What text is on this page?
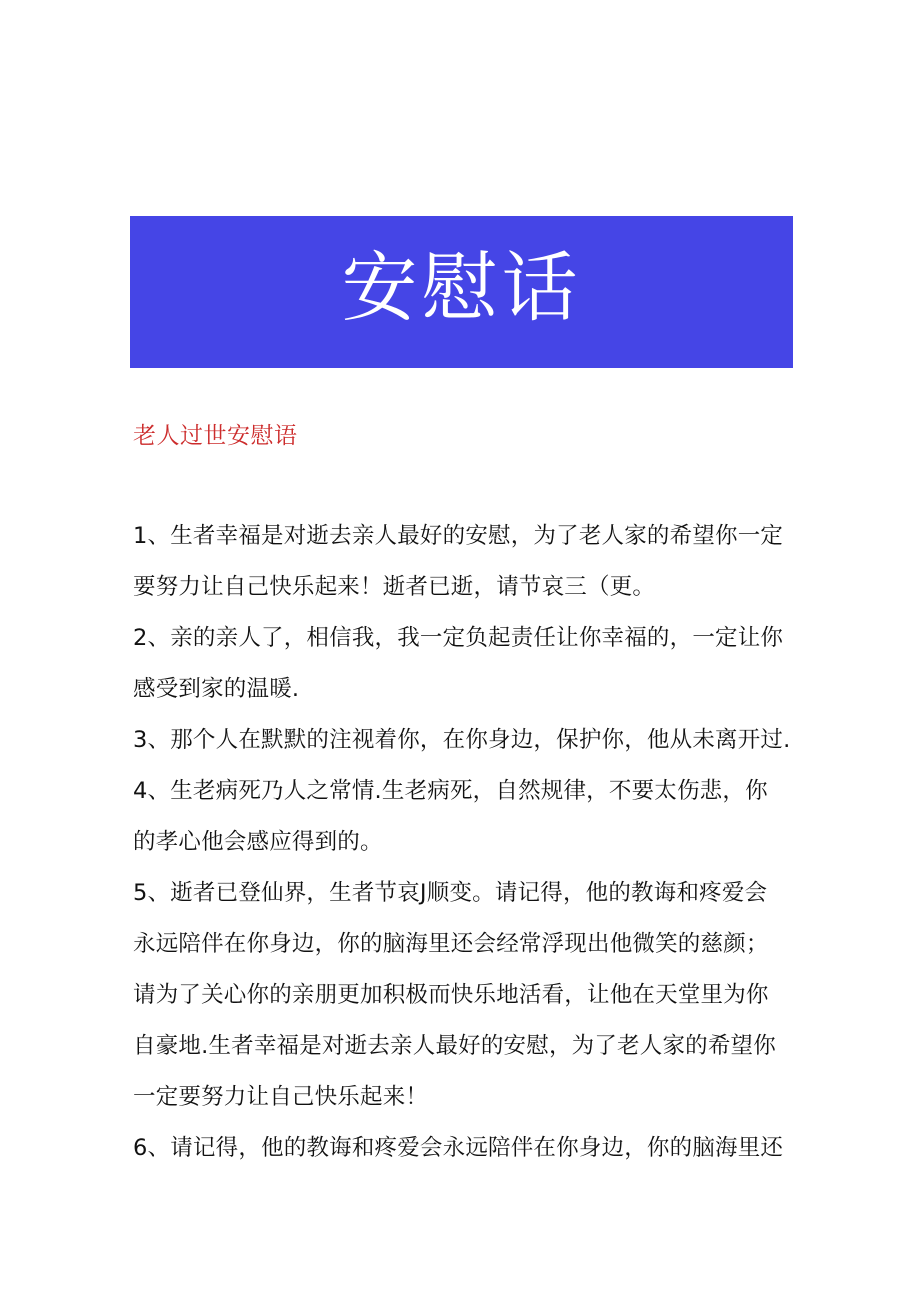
安慰话
老人过世安慰语
1、生者幸福是对逝去亲人最好的安慰，为了老人家的希望你一定
要努力让自己快乐起来！逝者已逝，请节哀三（更。
2、亲的亲人了，相信我，我一定负起责任让你幸福的，一定让你
感受到家的温暖.
3、那个人在默默的注视着你，在你身边，保护你，他从未离开过.
4、生老病死乃人之常情.生老病死，自然规律，不要太伤悲，你
的孝心他会感应得到的。
5、逝者已登仙界，生者节哀J顺变。请记得，他的教诲和疼爱会
永远陪伴在你身边，你的脑海里还会经常浮现出他微笑的慈颜；
请为了关心你的亲朋更加积极而快乐地活看，让他在天堂里为你
自豪地.生者幸福是对逝去亲人最好的安慰，为了老人家的希望你
一定要努力让自己快乐起来！
6、请记得，他的教诲和疼爱会永远陪伴在你身边，你的脑海里还
